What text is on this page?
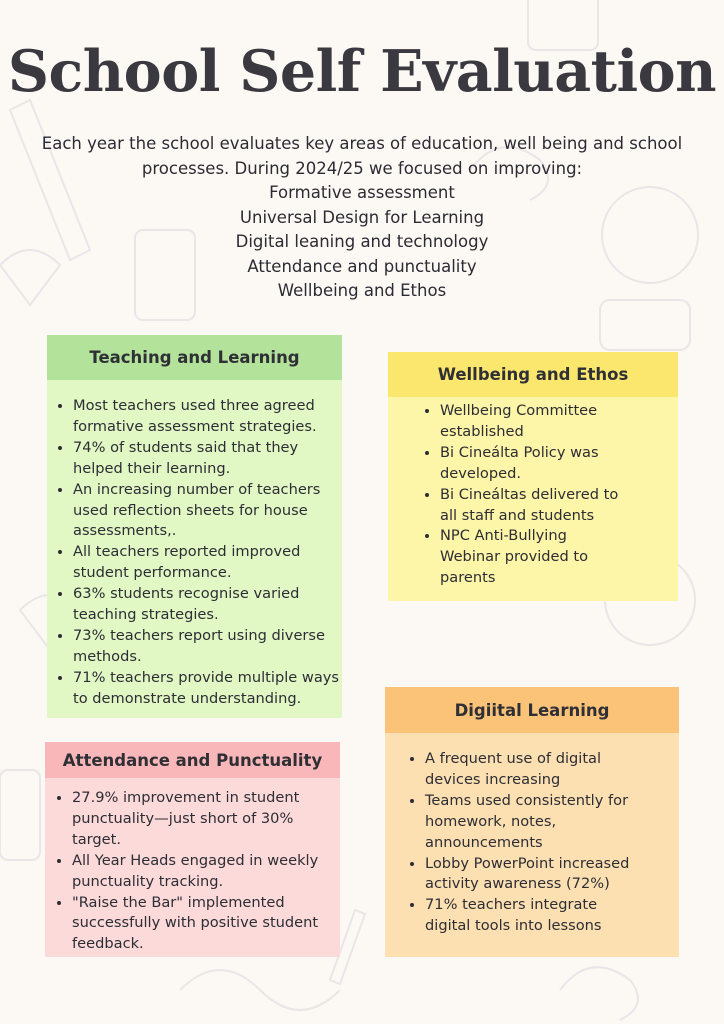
School Self Evaluation

Each year the school evaluates key areas of education, well being and school processes. During 2024/25 we focused on improving:

Formative assessment
Universal Design for Learning
Digital leaning and technology
Attendance and punctuality
Wellbeing and Ethos
Teaching and Learning
• Most teachers used three agreed formative assessment strategies.
• 74% of students said that they helped their learning.
• An increasing number of teachers used reflection sheets for house assessments,.
• All teachers reported improved student performance.
• 63% students recognise varied teaching strategies.
• 73% teachers report using diverse methods.
• 71% teachers provide multiple ways to demonstrate understanding.
Wellbeing and Ethos
• Wellbeing Committee established
• Bi Cineálta Policy was developed.
• Bi Cineáltas delivered to all staff and students
• NPC Anti-Bullying Webinar provided to parents
Attendance and Punctuality
• 27.9% improvement in student punctuality—just short of 30% target.
• All Year Heads engaged in weekly punctuality tracking.
• "Raise the Bar" implemented successfully with positive student feedback.
Digiital Learning
• A frequent use of digital devices increasing
• Teams used consistently for homework, notes, announcements
• Lobby PowerPoint increased activity awareness (72%)
• 71% teachers integrate digital tools into lessons
